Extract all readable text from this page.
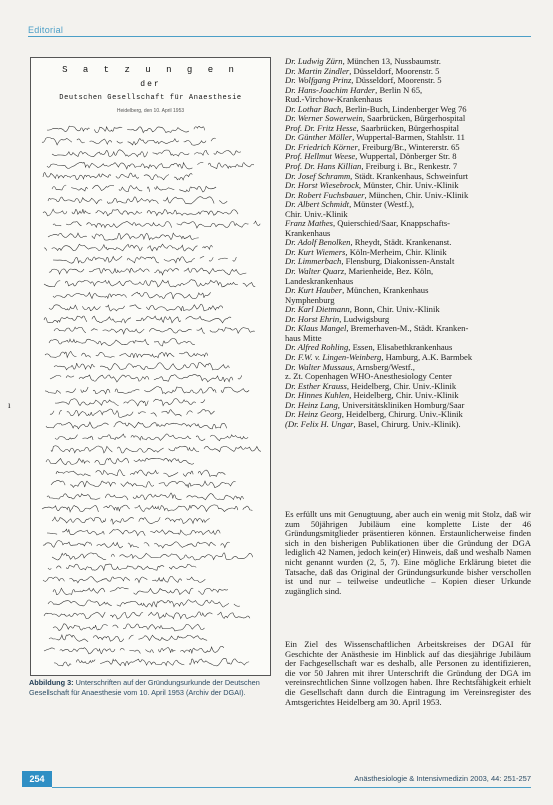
Editorial
S a t z u n g e n
der
Deutschen Gesellschaft für Anaesthesie
Heidelberg, den 10. April 1953
Abbildung 3: Unterschriften auf der Gründungsurkunde der Deutschen Gesellschaft für Anaesthesie vom 10. April 1953 (Archiv der DGAI).
ı
Dr. Ludwig Zürn, München 13, Nussbaumstr.
Dr. Martin Zindler, Düsseldorf, Moorenstr. 5
Dr. Wolfgang Prinz, Düsseldorf, Moorenstr. 5
Dr. Hans-Joachim Harder, Berlin N 65,
Rud.-Virchow-Krankenhaus
Dr. Lothar Bach, Berlin-Buch, Lindenberger Weg 76
Dr. Werner Sowerwein, Saarbrücken, Bürgerhospital
Prof. Dr. Fritz Hesse, Saarbrücken, Bürgerhospital
Dr. Günther Möller, Wuppertal-Barmen, Stahlstr. 11
Dr. Friedrich Körner, Freiburg/Br., Wintererstr. 65
Prof. Hellmut Weese, Wuppertal, Dönberger Str. 8
Prof. Dr. Hans Killian, Freiburg i. Br., Renkestr. 7
Dr. Josef Schramm, Städt. Krankenhaus, Schweinfurt
Dr. Horst Wiesebrock, Münster, Chir. Univ.-Klinik
Dr. Robert Fuchsbauer, München, Chir. Univ.-Klinik
Dr. Albert Schmidt, Münster (Westf.),
Chir. Univ.-Klinik
Franz Mathes, Quierschied/Saar, Knappschafts-
Krankenhaus
Dr. Adolf Benolken, Rheydt, Städt. Krankenanst.
Dr. Kurt Wiemers, Köln-Merheim, Chir. Klinik
Dr. Limmerbach, Flensburg, Diakonissen-Anstalt
Dr. Walter Quarz, Marienheide, Bez. Köln,
Landeskrankenhaus
Dr. Kurt Hauber, München, Krankenhaus
Nymphenburg
Dr. Karl Dietmann, Bonn, Chir. Univ.-Klinik
Dr. Horst Ehrin, Ludwigsburg
Dr. Klaus Mangel, Bremerhaven-M., Städt. Kranken-
haus Mitte
Dr. Alfred Rohling, Essen, Elisabethkrankenhaus
Dr. F.W. v. Lingen-Weinberg, Hamburg, A.K. Barmbek
Dr. Walter Mussaus, Arnsberg/Westf.,
z. Zt. Copenhagen WHO-Anesthesiology Center
Dr. Esther Krauss, Heidelberg, Chir. Univ.-Klinik
Dr. Hinnes Kuhlen, Heidelberg, Chir. Univ.-Klinik
Dr. Heinz Lang, Universitätskliniken Homburg/Saar
Dr. Heinz Georg, Heidelberg, Chirurg. Univ.-Klinik
(Dr. Felix H. Ungar, Basel, Chirurg. Univ.-Klinik).
Es erfüllt uns mit Genugtuung, aber auch ein wenig mit Stolz, daß wir zum 50jährigen Jubiläum eine komplette Liste der 46 Gründungsmitglieder präsentieren können. Erstaunlicherweise finden sich in den bisherigen Publikationen über die Gründung der DGA lediglich 42 Namen, jedoch kein(er) Hinweis, daß und weshalb Namen nicht genannt wurden (2, 5, 7). Eine mögliche Erklärung bietet die Tatsache, daß das Original der Gründungsurkunde bisher verschollen ist und nur – teilweise undeutliche – Kopien dieser Urkunde zugänglich sind.
Ein Ziel des Wissenschaftlichen Arbeitskreises der DGAI für Geschichte der Anästhesie im Hinblick auf das diesjährige Jubiläum der Fachgesellschaft war es deshalb, alle Personen zu identifizieren, die vor 50 Jahren mit ihrer Unterschrift die Gründung der DGA im vereinsrechtlichen Sinne vollzogen haben. Ihre Rechtsfähigkeit erhielt die Gesellschaft dann durch die Eintragung im Vereinsregister des Amtsgerichtes Heidelberg am 30. April 1953.
254	Anästhesiologie & Intensivmedizin 2003, 44: 251-257
